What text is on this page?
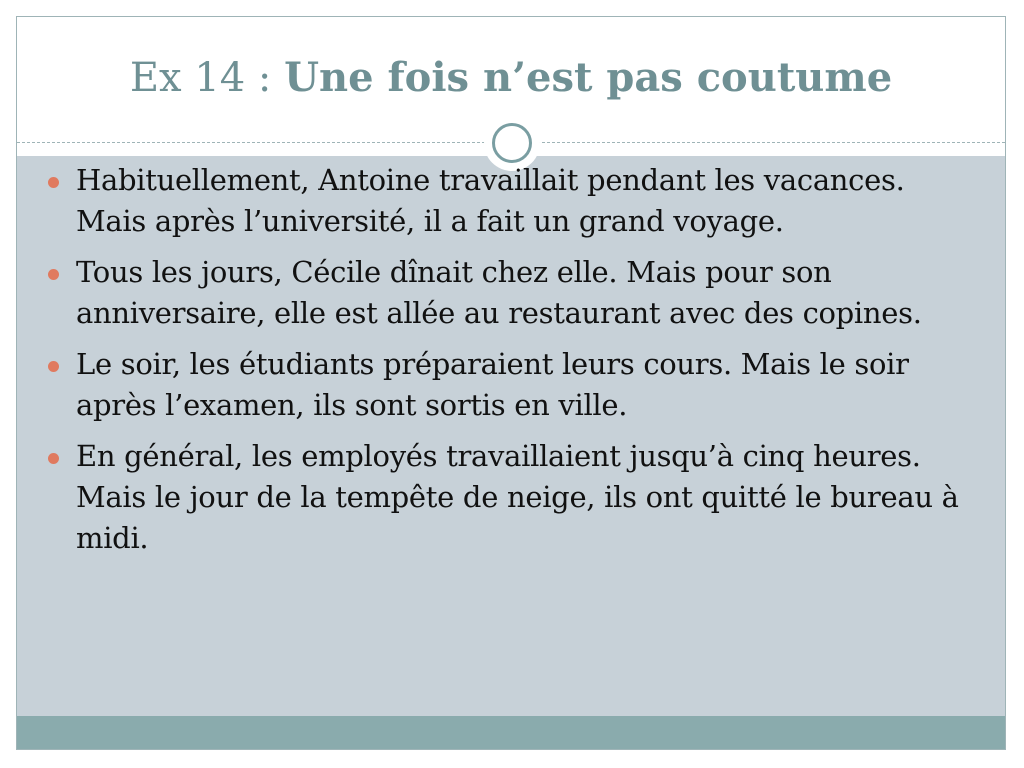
Ex 14 : Une fois n’est pas coutume
Habituellement, Antoine travaillait pendant les vacances. Mais après l’université, il a fait un grand voyage.
Tous les jours, Cécile dînait chez elle. Mais pour son anniversaire, elle est allée au restaurant avec des copines.
Le soir, les étudiants préparaient leurs cours. Mais le soir après l’examen, ils sont sortis en ville.
En général, les employés travaillaient jusqu’à cinq heures. Mais le jour de la tempête de neige, ils ont quitté le bureau à midi.
